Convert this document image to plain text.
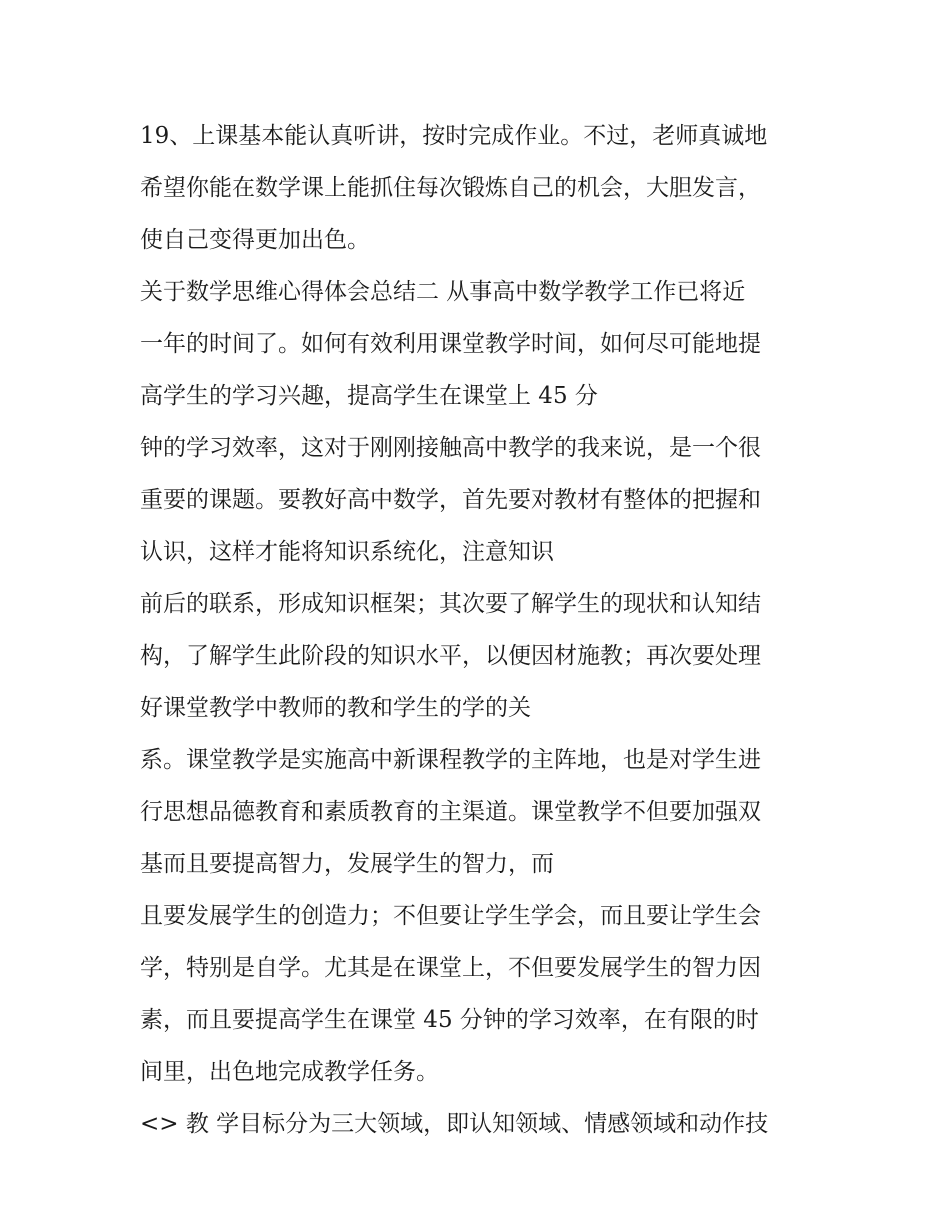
19、上课基本能认真听讲，按时完成作业。不过，老师真诚地
希望你能在数学课上能抓住每次锻炼自己的机会，大胆发言，
使自己变得更加出色。
关于数学思维心得体会总结二 从事高中数学教学工作已将近
一年的时间了。如何有效利用课堂教学时间，如何尽可能地提
高学生的学习兴趣，提高学生在课堂上 45 分
钟的学习效率，这对于刚刚接触高中教学的我来说，是一个很
重要的课题。要教好高中数学，首先要对教材有整体的把握和
认识，这样才能将知识系统化，注意知识
前后的联系，形成知识框架；其次要了解学生的现状和认知结
构，了解学生此阶段的知识水平，以便因材施教；再次要处理
好课堂教学中教师的教和学生的学的关
系。课堂教学是实施高中新课程教学的主阵地，也是对学生进
行思想品德教育和素质教育的主渠道。课堂教学不但要加强双
基而且要提高智力，发展学生的智力，而
且要发展学生的创造力；不但要让学生学会，而且要让学生会
学，特别是自学。尤其是在课堂上，不但要发展学生的智力因
素，而且要提高学生在课堂 45 分钟的学习效率，在有限的时
间里，出色地完成教学任务。
<> 教 学目标分为三大领域，即认知领域、情感领域和动作技
